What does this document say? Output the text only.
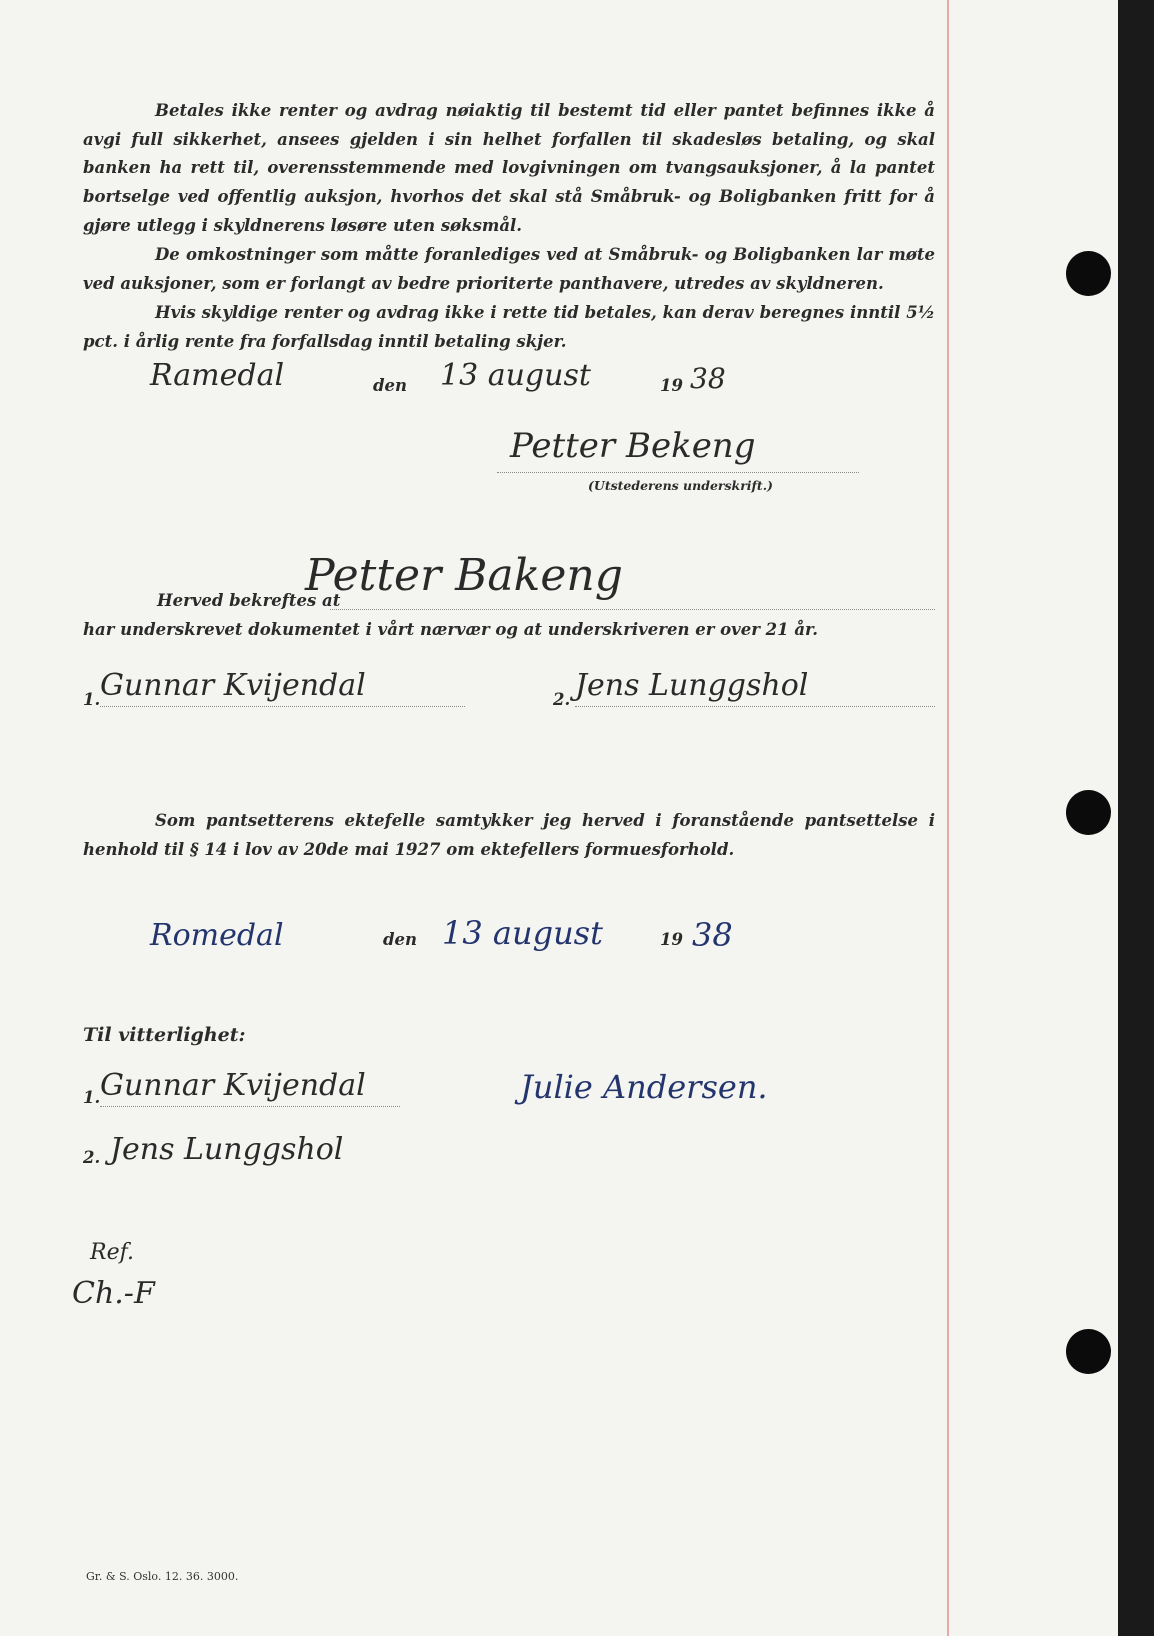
Betales ikke renter og avdrag nøiaktig til bestemt tid eller pantet befinnes ikke å avgi full sikkerhet, ansees gjelden i sin helhet forfallen til skadesløs betaling, og skal banken ha rett til, overensstemmende med lovgivningen om tvangsauksjoner, å la pantet bortselge ved offentlig auksjon, hvorhos det skal stå Småbruk- og Boligbanken fritt for å gjøre utlegg i skyldnerens løsøre uten søksmål.

De omkostninger som måtte foranlediges ved at Småbruk- og Boligbanken lar møte ved auksjoner, som er forlangt av bedre prioriterte panthavere, utredes av skyldneren.

Hvis skyldige renter og avdrag ikke i rette tid betales, kan derav beregnes inntil 5½ pct. i årlig rente fra forfallsdag inntil betaling skjer.

Ramedal	den 13 august	19 38
Petter Bekeng
(Utstederens underskrift.)
Herved bekreftes at
Petter Bakeng
har underskrevet dokumentet i vårt nærvær og at underskriveren er over 21 år.
1. Gunnar Kvijendal	2. Jens Lunggshol

Som pantsetterens ektefelle samtykker jeg herved i foranstående pantsettelse i henhold til § 14 i lov av 20de mai 1927 om ektefellers formuesforhold.

Romedal	den 13 august	19 38
Til vitterlighet:
1. Gunnar Kvijendal
2. Jens Lunggshol
Julie Andersen.
Ref.
Ch.-F
Gr. & S. Oslo. 12. 36. 3000.
